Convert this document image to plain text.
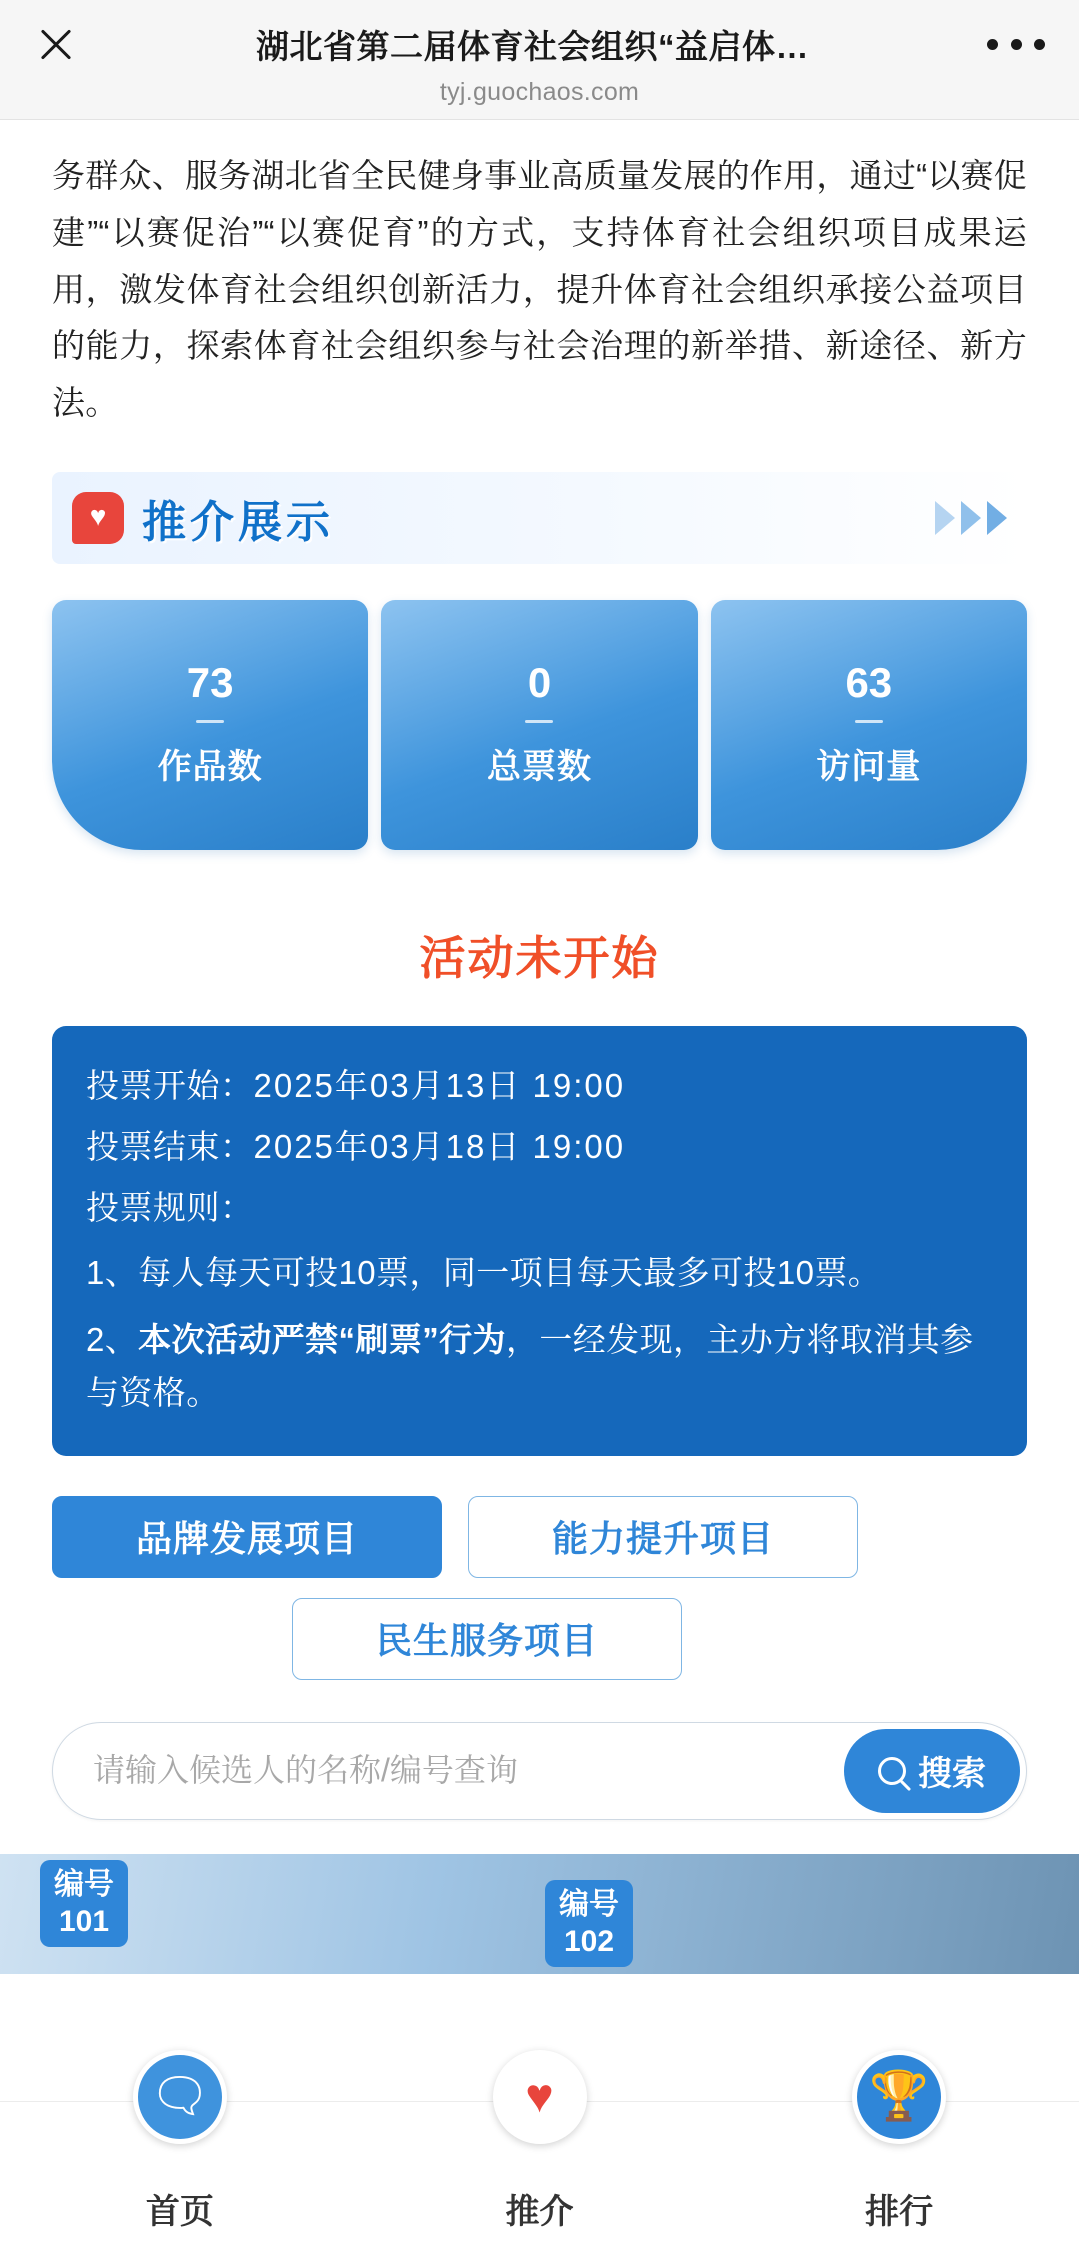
湖北省第二届体育社会组织“益启体…
tyj.guochaos.com
务群众、服务湖北省全民健身事业高质量发展的作用，通过“以赛促建”“以赛促治”“以赛促育”的方式，支持体育社会组织项目成果运用，激发体育社会组织创新活力，提升体育社会组织承接公益项目的能力，探索体育社会组织参与社会治理的新举措、新途径、新方法。
♥
推介展示
73
作品数
0
总票数
63
访问量
活动未开始
投票开始：2025年03月13日 19:00
投票结束：2025年03月18日 19:00
投票规则：
1、每人每天可投10票，同一项目每天最多可投10票。
2、本次活动严禁“刷票”行为，一经发现，主办方将取消其参与资格。
品牌发展项目	能力提升项目
民生服务项目
请输入候选人的名称/编号查询
搜索
编号
101
编号
102
🗨
首页
♥
推介
🏆
排行
